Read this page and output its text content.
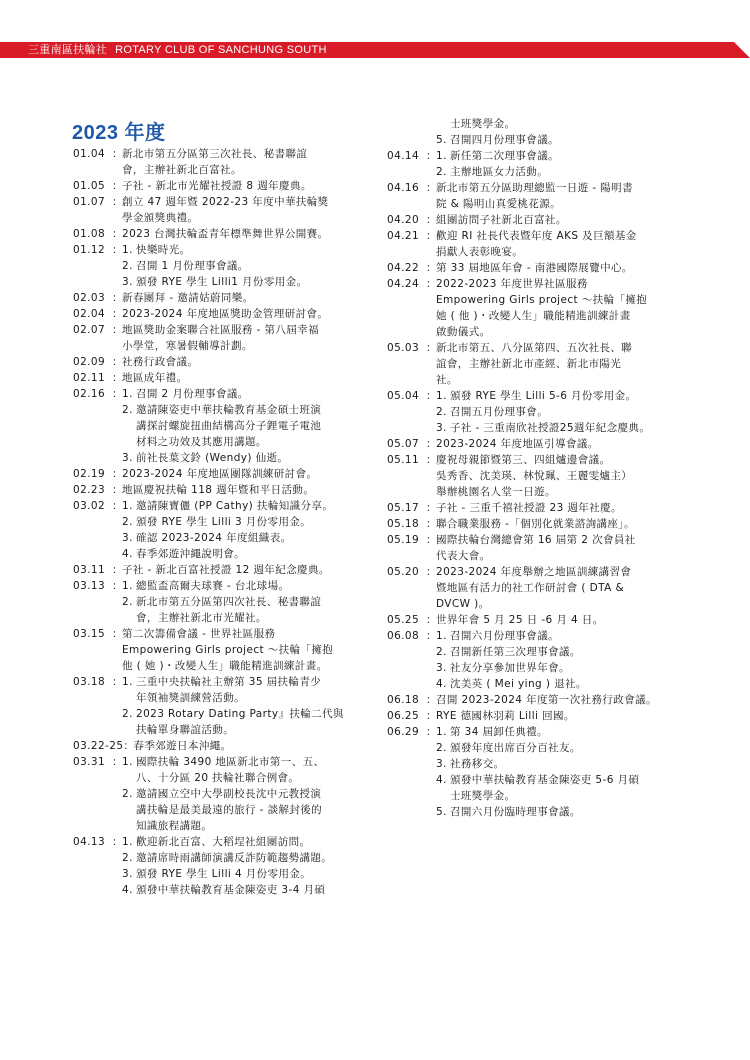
三重南區扶輪社 ROTARY CLUB OF SANCHUNG SOUTH
2023 年度
01.04 ： 新北市第五分區第三次社長、秘書聯誼
會，主辦社新北百富社。
01.05 ： 子社 - 新北市光耀社授證 8 週年慶典。
01.07 ： 創立 47 週年暨 2022-23 年度中華扶輪獎
學金頒獎典禮。
01.08 ： 2023 台灣扶輪盃青年標準舞世界公開賽。
01.12 ： 1. 快樂時光。
2. 召開 1 月份理事會議。
3. 頒發 RYE 學生 Lilli1 月份零用金。
02.03 ： 新春團拜 - 邀請姑蔚同樂。
02.04 ： 2023-2024 年度地區獎助金管理研討會。
02.07 ： 地區獎助金案聯合社區服務 - 第八屆幸福
小學堂，寒暑假輔導計劃。
02.09 ： 社務行政會議。
02.11 ： 地區成年禮。
02.16 ： 1. 召開 2 月份理事會議。
2. 邀請陳姿吏中華扶輪教育基金碩士班演
講探討螺旋扭曲結構高分子鋰電子電池
材料之功效及其應用講題。
3. 前社長葉文鈴 (Wendy) 仙逝。
02.19 ： 2023-2024 年度地區團隊訓練研討會。
02.23 ： 地區慶祝扶輪 118 週年暨和平日活動。
03.02 ： 1. 邀請陳寶儷 (PP Cathy) 扶輪知識分享。
2. 頒發 RYE 學生 Lilli 3 月份零用金。
3. 確認 2023-2024 年度組織表。
4. 春季郊遊沖繩說明會。
03.11 ： 子社 - 新北百富社授證 12 週年紀念慶典。
03.13 ： 1. 總監盃高爾夫球賽 - 台北球場。
2. 新北市第五分區第四次社長、秘書聯誼
會，主辦社新北市光耀社。
03.15 ： 第二次籌備會議 - 世界社區服務
Empowering Girls project ～扶輪「擁抱
他 ( 她 )・改變人生」職能精進訓練計畫。
03.18 ： 1. 三重中央扶輪社主辦第 35 屆扶輪青少
年領袖獎訓練營活動。
2. 2023 Rotary Dating Party』扶輪二代與
扶輪單身聯誼活動。
03.22-25 ： 春季郊遊日本沖繩。
03.31 ： 1. 國際扶輪 3490 地區新北市第一、五、
八、十分區 20 扶輪社聯合例會。
2. 邀請國立空中大學副校長沈中元教授演
講扶輪是最美最遠的旅行 - 談解封後的
知識旅程講題。
04.13 ： 1. 歡迎新北百富、大稻埕社組團訪問。
2. 邀請席時雨講師演講反詐防範趨勢講題。
3. 頒發 RYE 學生 Lilli 4 月份零用金。
4. 頒發中華扶輪教育基金陳姿吏 3-4 月碩
士班獎學金。
5. 召開四月份理事會議。
04.14 ： 1. 新任第二次理事會議。
2. 主辦地區女力活動。
04.16 ： 新北市第五分區助理總監一日遊 - 陽明書
院 & 陽明山真愛桃花源。
04.20 ： 組團訪問子社新北百富社。
04.21 ： 歡迎 RI 社長代表暨年度 AKS 及巨額基金
捐獻人表彰晚宴。
04.22 ： 第 33 屆地區年會 - 南港國際展覽中心。
04.24 ： 2022-2023 年度世界社區服務
Empowering Girls project ～扶輪「擁抱
她 ( 他 )・改變人生」職能精進訓練計畫
啟動儀式。
05.03 ： 新北市第五、八分區第四、五次社長、聯
誼會，主辦社新北市產經、新北市陽光
社。
05.04 ： 1. 頒發 RYE 學生 Lilli 5-6 月份零用金。
2. 召開五月份理事會。
3. 子社 - 三重南欣社授證25週年紀念慶典。
05.07 ： 2023-2024 年度地區引導會議。
05.11 ： 慶祝母親節暨第三、四組爐邊會議。
吳秀香、沈美瑛、林悅珮、王麗雯爐主）
舉辦桃園名人堂一日遊。
05.17 ： 子社 - 三重千禧社授證 23 週年社慶。
05.18 ： 聯合職業服務 -「個別化就業諮詢講座」。
05.19 ： 國際扶輪台灣總會第 16 屆第 2 次會員社
代表大會。
05.20 ： 2023-2024 年度舉辦之地區訓練講習會
暨地區有活力的社工作研討會 ( DTA &
DVCW )。
05.25 ： 世界年會 5 月 25 日 -6 月 4 日。
06.08 ： 1. 召開六月份理事會議。
2. 召開新任第三次理事會議。
3. 社友分享參加世界年會。
4. 沈美英 ( Mei ying ) 退社。
06.18 ： 召開 2023-2024 年度第一次社務行政會議。
06.25 ： RYE 德國林羽莉 Lilli 回國。
06.29 ： 1. 第 34 屆卸任典禮。
2. 頒發年度出席百分百社友。
3. 社務移交。
4. 頒發中華扶輪教育基金陳姿吏 5-6 月碩
士班獎學金。
5. 召開六月份臨時理事會議。
